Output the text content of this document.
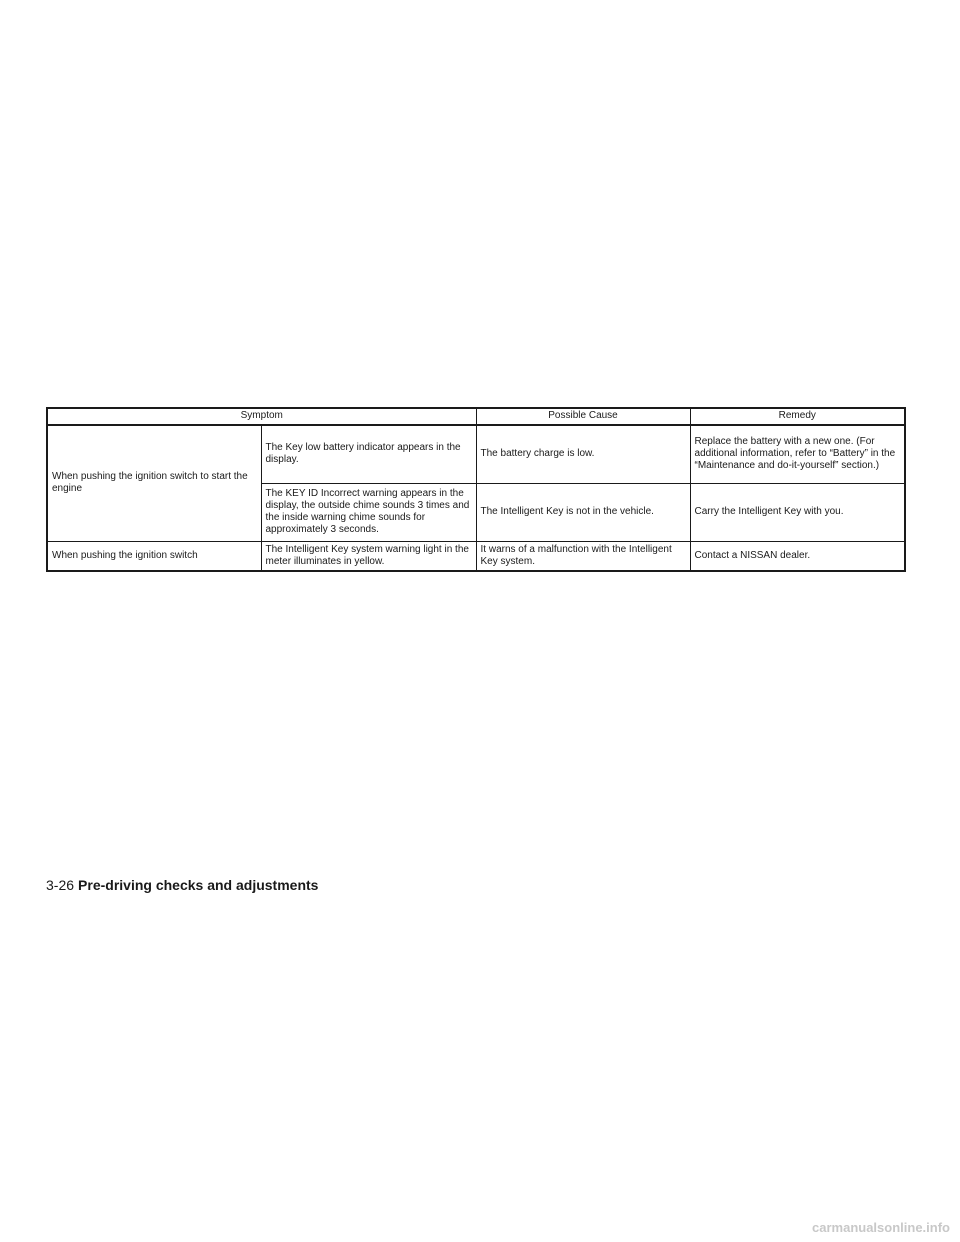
Symptom		Possible Cause	Remedy
When pushing the ignition switch to start the engine	The Key low battery indicator appears in the display.	The battery charge is low.	Replace the battery with a new one. (For additional information, refer to “Battery” in the “Maintenance and do-it-yourself” section.)
	The KEY ID Incorrect warning appears in the display, the outside chime sounds 3 times and the inside warning chime sounds for approximately 3 seconds.	The Intelligent Key is not in the vehicle.	Carry the Intelligent Key with you.
When pushing the ignition switch	The Intelligent Key system warning light in the meter illuminates in yellow.	It warns of a malfunction with the Intelligent Key system.	Contact a NISSAN dealer.
3-26 Pre-driving checks and adjustments
carmanualsonline.info
